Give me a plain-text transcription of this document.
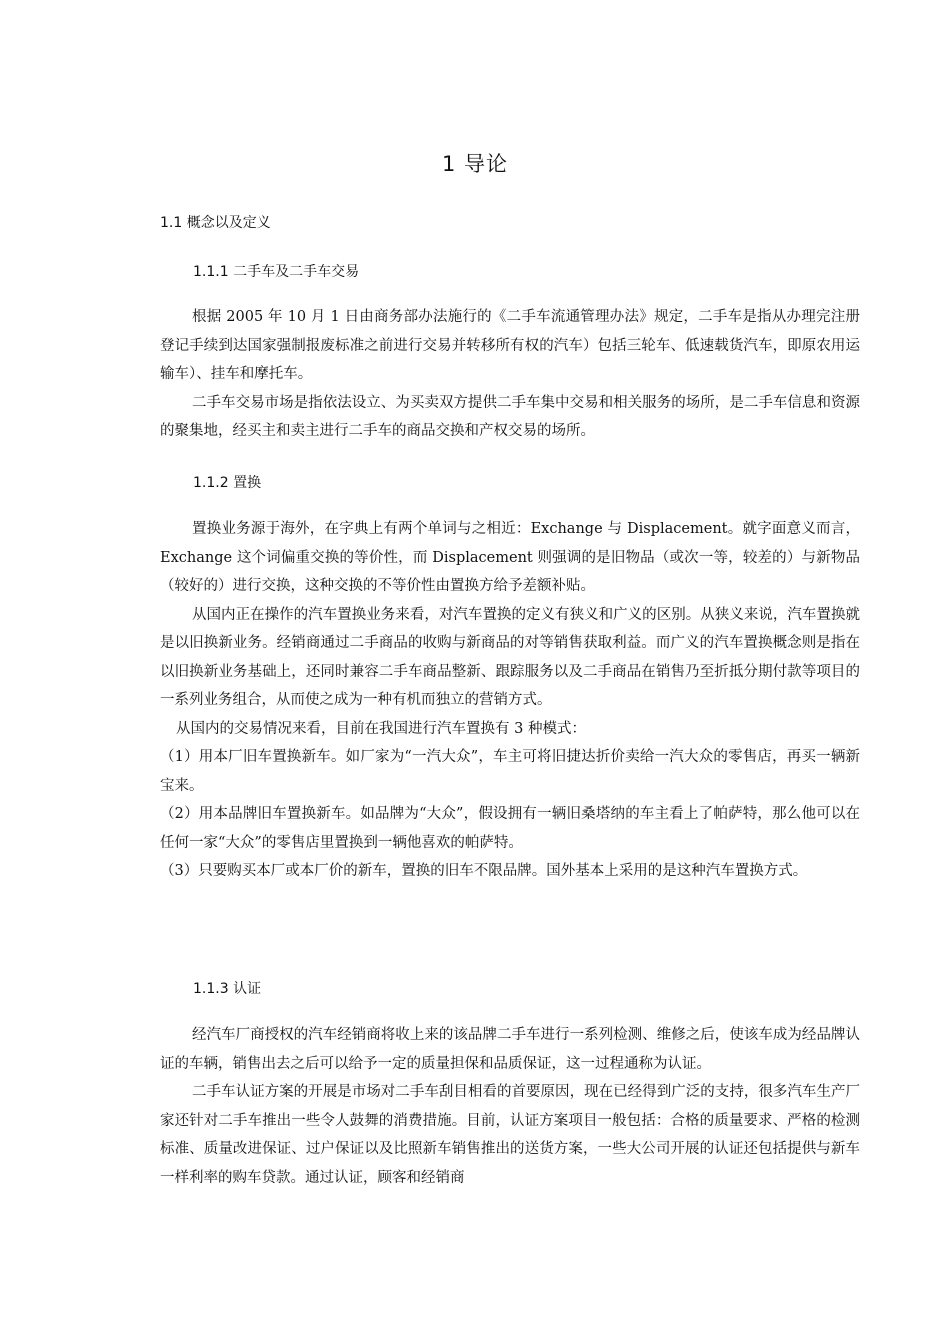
1 导论
1.1 概念以及定义
1.1.1 二手车及二手车交易

根据 2005 年 10 月 1 日由商务部办法施行的《二手车流通管理办法》规定，二手车是指从办理完注册登记手续到达国家强制报废标准之前进行交易并转移所有权的汽车）包括三轮车、低速载货汽车，即原农用运输车）、挂车和摩托车。

二手车交易市场是指依法设立、为买卖双方提供二手车集中交易和相关服务的场所，是二手车信息和资源的聚集地，经买主和卖主进行二手车的商品交换和产权交易的场所。

1.1.2 置换

置换业务源于海外，在字典上有两个单词与之相近：Exchange 与 Displacement。就字面意义而言，Exchange 这个词偏重交换的等价性，而 Displacement 则强调的是旧物品（或次一等，较差的）与新物品（较好的）进行交换，这种交换的不等价性由置换方给予差额补贴。

从国内正在操作的汽车置换业务来看，对汽车置换的定义有狭义和广义的区别。从狭义来说，汽车置换就是以旧换新业务。经销商通过二手商品的收购与新商品的对等销售获取利益。而广义的汽车置换概念则是指在以旧换新业务基础上，还同时兼容二手车商品整新、跟踪服务以及二手商品在销售乃至折抵分期付款等项目的一系列业务组合，从而使之成为一种有机而独立的营销方式。

从国内的交易情况来看，目前在我国进行汽车置换有 3 种模式：

（1）用本厂旧车置换新车。如厂家为“一汽大众”，车主可将旧捷达折价卖给一汽大众的零售店，再买一辆新宝来。

（2）用本品牌旧车置换新车。如品牌为“大众”，假设拥有一辆旧桑塔纳的车主看上了帕萨特，那么他可以在任何一家“大众”的零售店里置换到一辆他喜欢的帕萨特。

（3）只要购买本厂或本厂价的新车，置换的旧车不限品牌。国外基本上采用的是这种汽车置换方式。

1.1.3 认证

经汽车厂商授权的汽车经销商将收上来的该品牌二手车进行一系列检测、维修之后，使该车成为经品牌认证的车辆，销售出去之后可以给予一定的质量担保和品质保证，这一过程通称为认证。

二手车认证方案的开展是市场对二手车刮目相看的首要原因，现在已经得到广泛的支持，很多汽车生产厂家还针对二手车推出一些令人鼓舞的消费措施。目前，认证方案项目一般包括：合格的质量要求、严格的检测标准、质量改进保证、过户保证以及比照新车销售推出的送货方案，一些大公司开展的认证还包括提供与新车一样利率的购车贷款。通过认证，顾客和经销商
